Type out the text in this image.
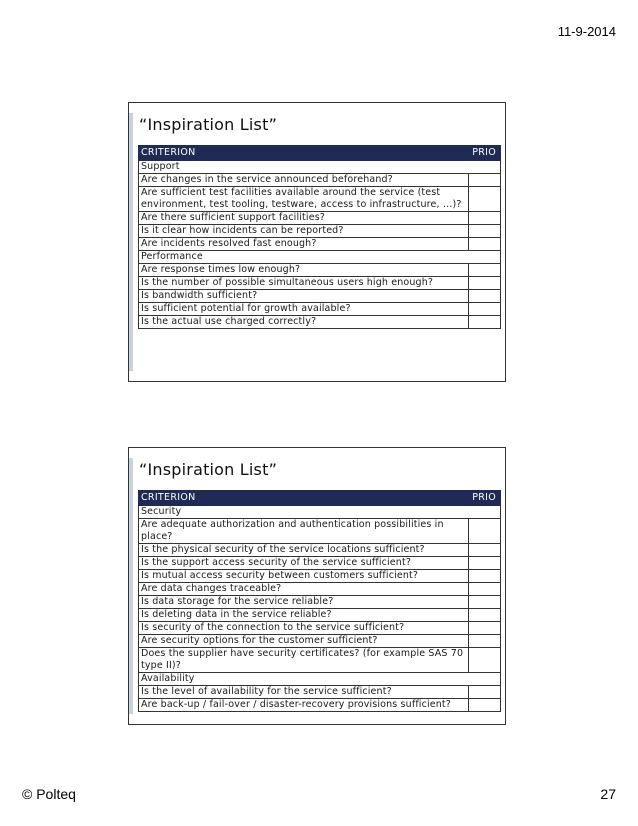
11-9-2014
“Inspiration List”
CRITERION	PRIO
Support	
Are changes in the service announced beforehand?	
Are sufficient test facilities available around the service (test environment, test tooling, testware, access to infrastructure, …)?	
Are there sufficient support facilities?	
Is it clear how incidents can be reported?	
Are incidents resolved fast enough?	
Performance	
Are response times low enough?	
Is the number of possible simultaneous users high enough?	
Is bandwidth sufficient?	
Is sufficient potential for growth available?	
Is the actual use charged correctly?	
“Inspiration List”
CRITERION	PRIO
Security	
Are adequate authorization and authentication possibilities in place?	
Is the physical security of the service locations sufficient?	
Is the support access security of the service sufficient?	
Is mutual access security between customers sufficient?	
Are data changes traceable?	
Is data storage for the service reliable?	
Is deleting data in the service reliable?	
Is security of the connection to the service sufficient?	
Are security options for the customer sufficient?	
Does the supplier have security certificates? (for example SAS 70 type II)?	
Availability	
Is the level of availability for the service sufficient?	
Are back-up / fail-over / disaster-recovery provisions sufficient?	
© Polteq	27
